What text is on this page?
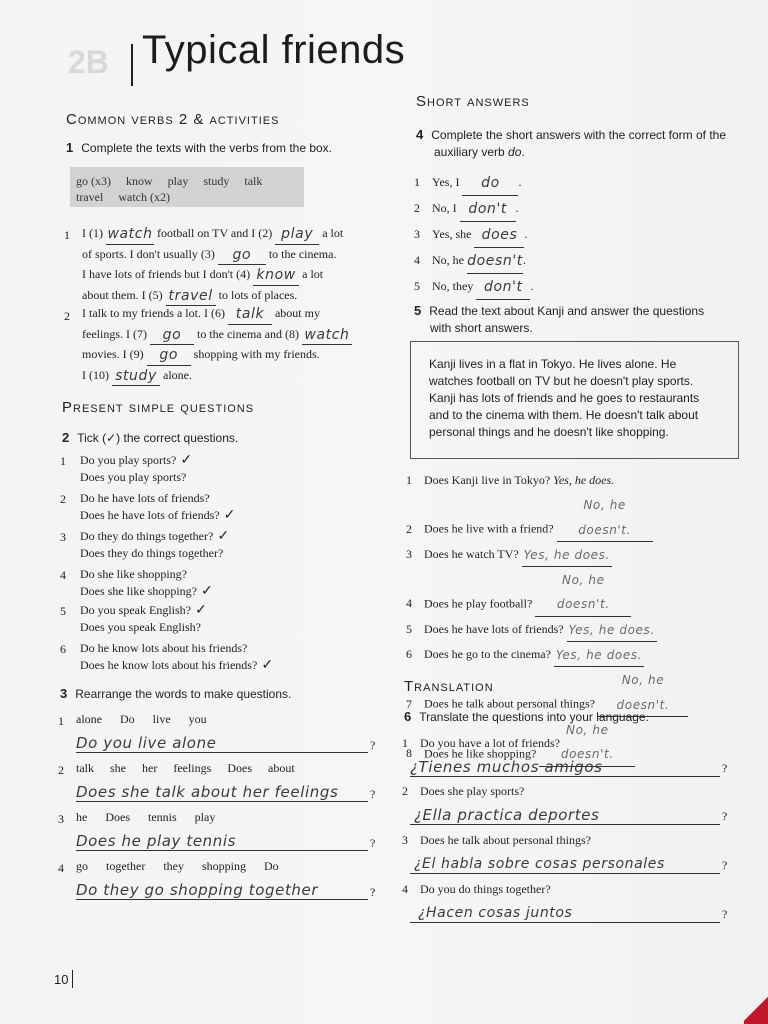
2B Typical friends
Common verbs 2 & activities
1 Complete the texts with the verbs from the box.
go (x3) know play study talk
travel watch (x2)
1 I (1) watch football on TV and I (2) play a lot
of sports. I don't usually (3) go to the cinema.
I have lots of friends but I don't (4) know a lot
about them. I (5) travel to lots of places.
2 I talk to my friends a lot. I (6) talk about my
feelings. I (7) go to the cinema and (8) watch
movies. I (9) go shopping with my friends.
I (10) study alone.
Present simple questions
2 Tick (✓) the correct questions.
1 Do you play sports? ✓
Does you play sports?
2 Do he have lots of friends?
Does he have lots of friends? ✓
3 Do they do things together? ✓
Does they do things together?
4 Do she like shopping?
Does she like shopping? ✓
5 Do you speak English? ✓
Does you speak English?
6 Do he know lots about his friends?
Does he know lots about his friends? ✓
3 Rearrange the words to make questions.
1 alone Do live you
Do you live alone	?
2 talk she her feelings Does about
Does she talk about her feelings	?
3 he Does tennis play
Does he play tennis	?
4 go together they shopping Do
Do they go shopping together	?
Short answers
4 Complete the short answers with the correct form of the
auxiliary verb do.
1 Yes, I do .
2 No, I don't .
3 Yes, she does .
4 No, he doesn't.
5 No, they don't .
5 Read the text about Kanji and answer the questions
with short answers.
Kanji lives in a flat in Tokyo. He lives alone. He
watches football on TV but he doesn't play sports.
Kanji has lots of friends and he goes to restaurants
and to the cinema with them. He doesn't talk about
personal things and he doesn't like shopping.
1 Does Kanji live in Tokyo? Yes, he does.
2 Does he live with a friend? No, he doesn't.
3 Does he watch TV? Yes, he does.
4 Does he play football? No, he doesn't.
5 Does he have lots of friends? Yes, he does.
6 Does he go to the cinema? Yes, he does.
7 Does he talk about personal things? No, he doesn't.
8 Does he like shopping? No, he doesn't.
Translation
6 Translate the questions into your language.
1 Do you have a lot of friends?
¿Tienes muchos amigos	?
2 Does she play sports?
¿Ella practica deportes	?
3 Does he talk about personal things?
¿El habla sobre cosas personales	?
4 Do you do things together?
¿Hacen cosas juntos	?
10
